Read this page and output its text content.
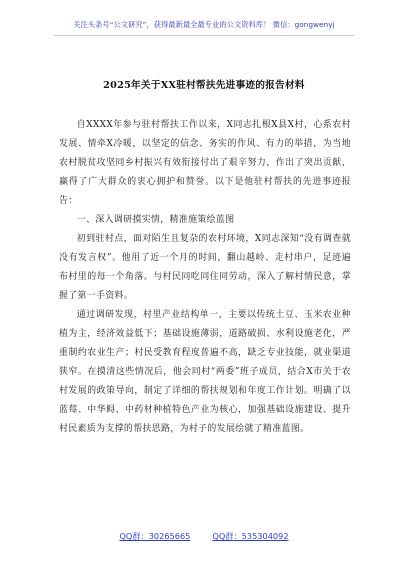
关注头条号“公文研究”，获得最新最全最专业的公文资料库！ 微信：gongwenyj
2025年关于XX驻村帮扶先进事迹的报告材料

自XXXX年参与驻村帮扶工作以来，X同志扎根X县X村，心系农村发展、情牵X冷暖，以坚定的信念、务实的作风、有力的举措，为当地农村脱贫攻坚同乡村振兴有效衔接付出了艰辛努力，作出了突出贡献，赢得了广大群众的衷心拥护和赞誉。以下是他驻村帮扶的先进事迹报告：

一、深入调研摸实情，精准施策绘蓝图

初到驻村点，面对陌生且复杂的农村环境，X同志深知“没有调查就没有发言权”。他用了近一个月的时间，翻山越岭、走村串户，足迹遍布村里的每一个角落。与村民同吃同住同劳动，深入了解村情民意，掌握了第一手资料。

通过调研发现，村里产业结构单一，主要以传统土豆、玉米农业种植为主，经济效益低下；基础设施薄弱，道路破损、水利设施老化，严重制约农业生产；村民受教育程度普遍不高，缺乏专业技能，就业渠道狭窄。在摸清这些情况后，他会同村“两委”班子成员，结合X市关于农村发展的政策导向，制定了详细的帮扶规划和年度工作计划。明确了以蓝莓、中华鲟、中药材种植特色产业为核心，加强基础设施建设、提升村民素质为支撑的帮扶思路，为村子的发展绘就了精准蓝图。

QQ群：30265665	QQ群：535304092
